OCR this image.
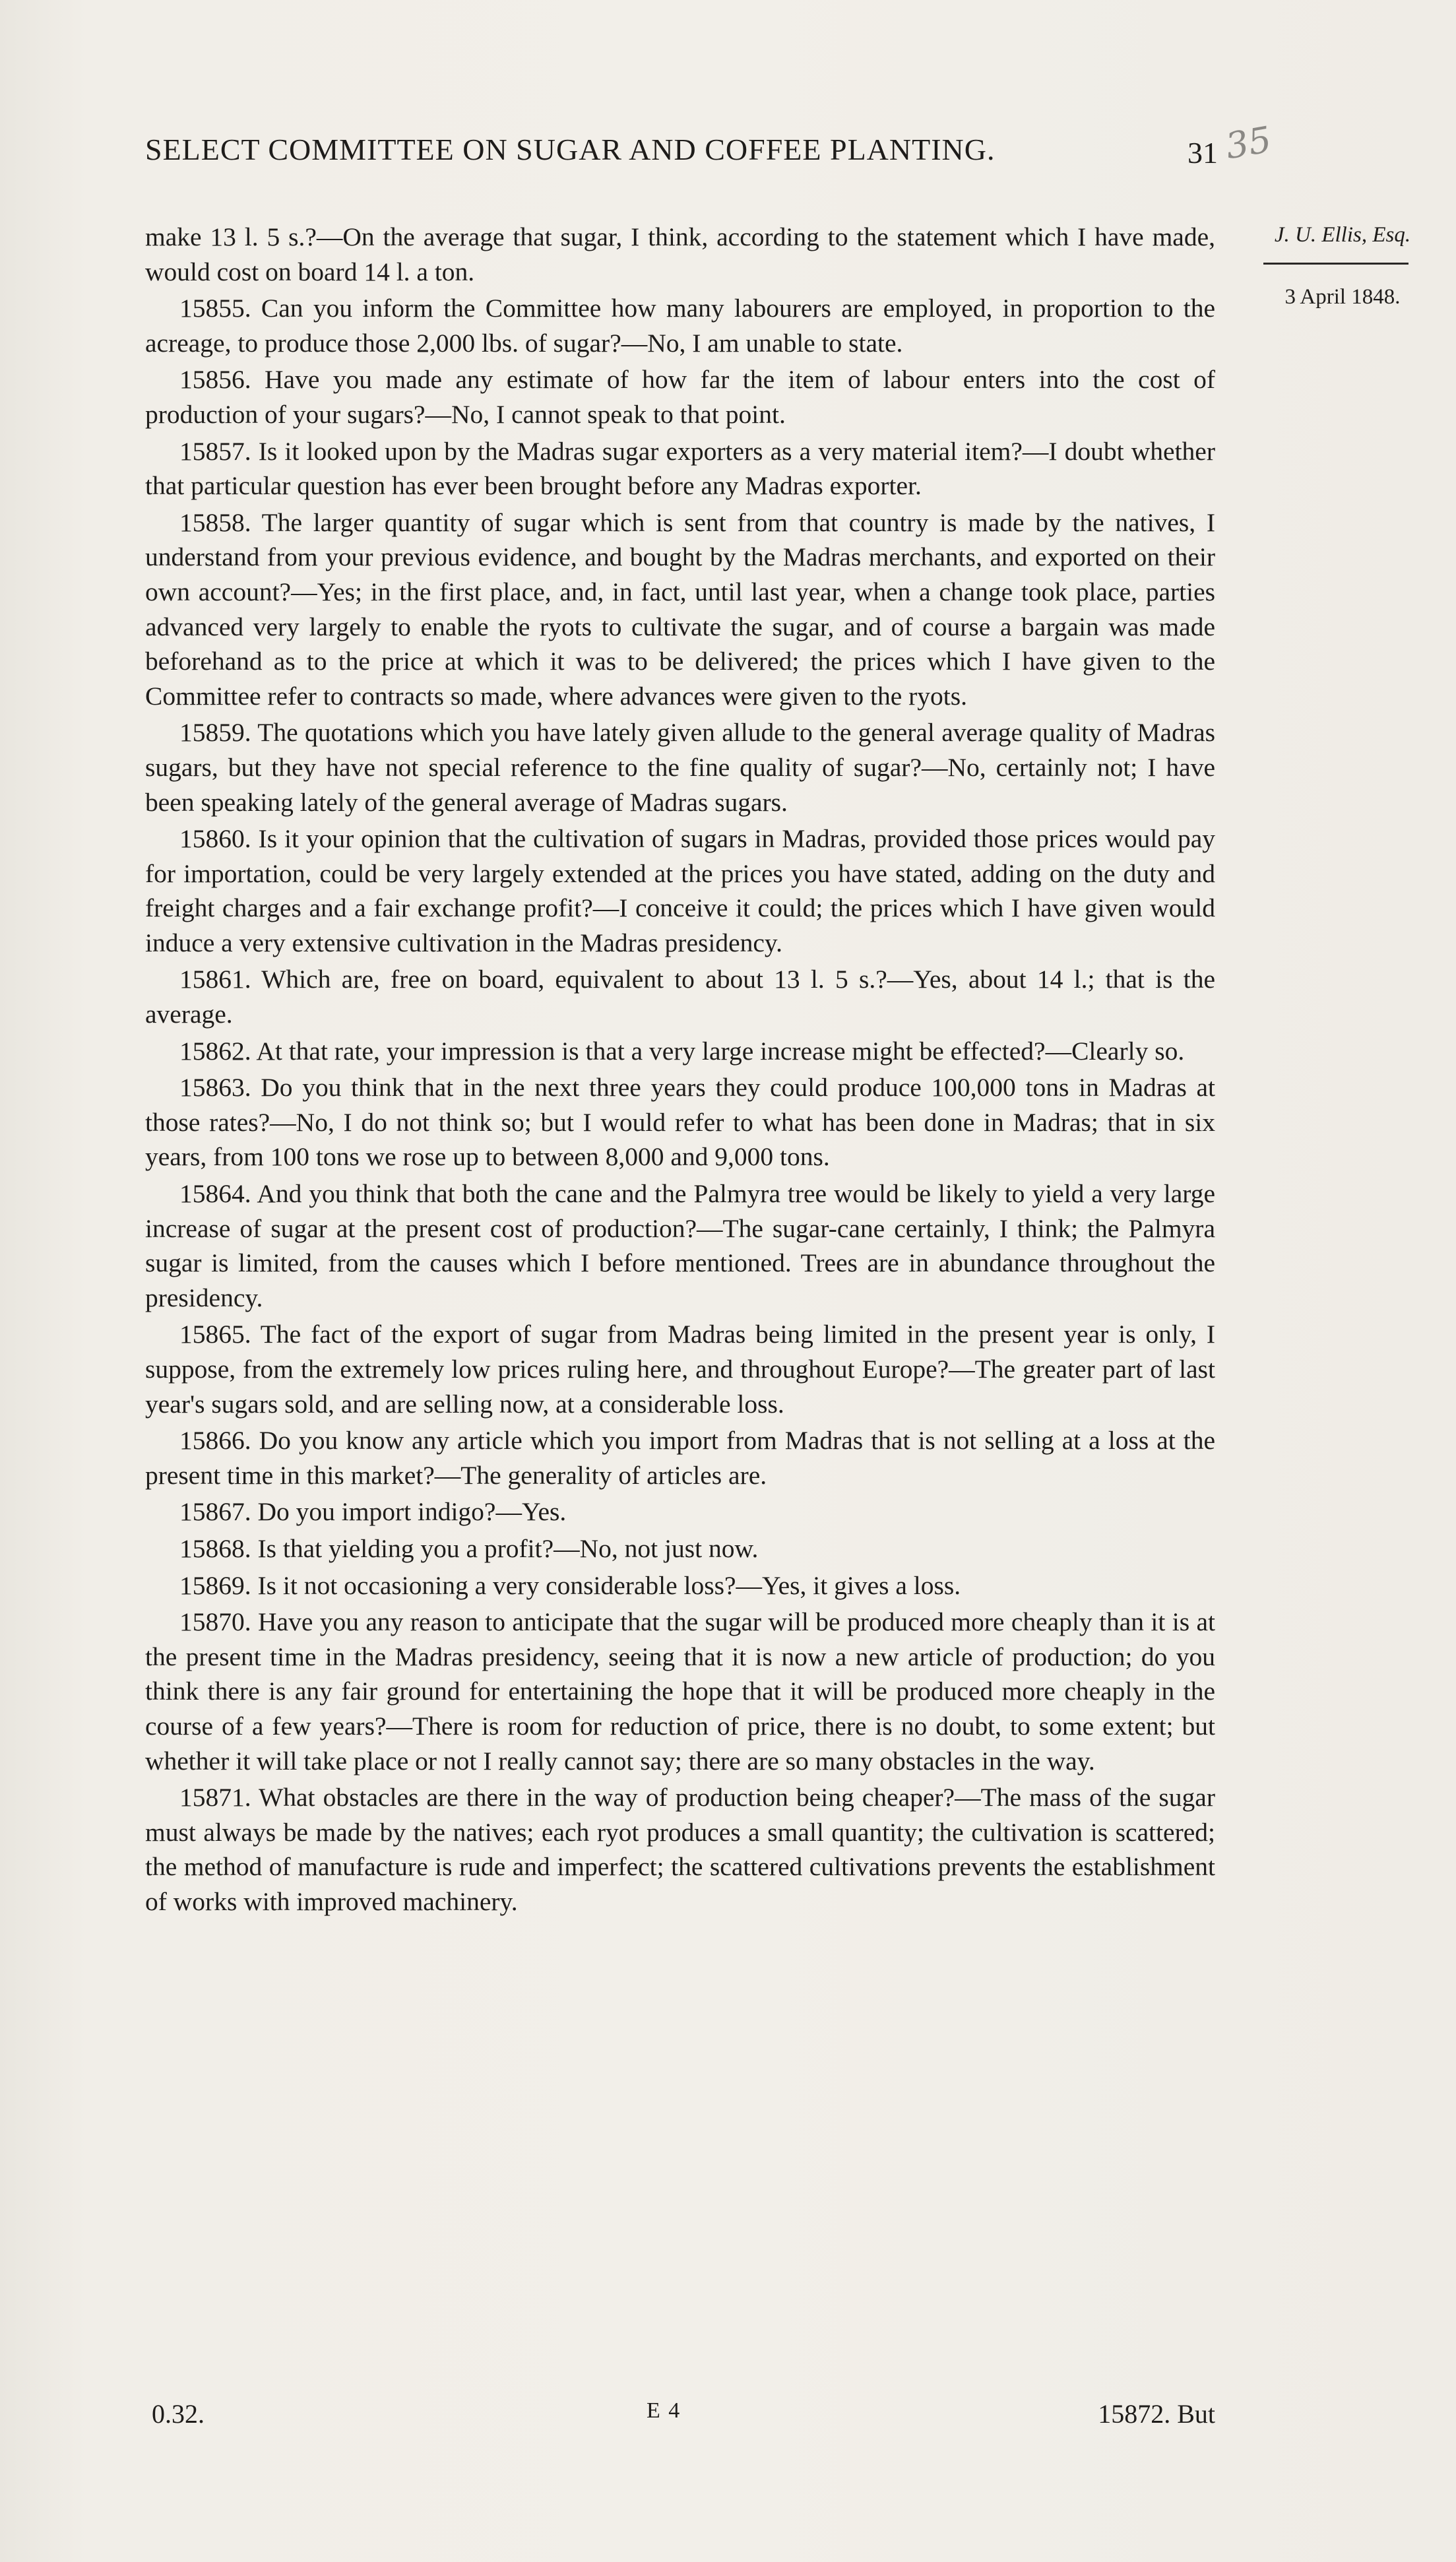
SELECT COMMITTEE ON SUGAR AND COFFEE PLANTING.	31 35
J. U. Ellis, Esq.
3 April 1848.

make 13 l. 5 s.?—On the average that sugar, I think, according to the statement which I have made, would cost on board 14 l. a ton.

15855. Can you inform the Committee how many labourers are employed, in proportion to the acreage, to produce those 2,000 lbs. of sugar?—No, I am unable to state.

15856. Have you made any estimate of how far the item of labour enters into the cost of production of your sugars?—No, I cannot speak to that point.

15857. Is it looked upon by the Madras sugar exporters as a very material item?—I doubt whether that particular question has ever been brought before any Madras exporter.

15858. The larger quantity of sugar which is sent from that country is made by the natives, I understand from your previous evidence, and bought by the Madras merchants, and exported on their own account?—Yes; in the first place, and, in fact, until last year, when a change took place, parties advanced very largely to enable the ryots to cultivate the sugar, and of course a bargain was made beforehand as to the price at which it was to be delivered; the prices which I have given to the Committee refer to contracts so made, where advances were given to the ryots.

15859. The quotations which you have lately given allude to the general average quality of Madras sugars, but they have not special reference to the fine quality of sugar?—No, certainly not; I have been speaking lately of the general average of Madras sugars.

15860. Is it your opinion that the cultivation of sugars in Madras, provided those prices would pay for importation, could be very largely extended at the prices you have stated, adding on the duty and freight charges and a fair exchange profit?—I conceive it could; the prices which I have given would induce a very extensive cultivation in the Madras presidency.

15861. Which are, free on board, equivalent to about 13 l. 5 s.?—Yes, about 14 l.; that is the average.

15862. At that rate, your impression is that a very large increase might be effected?—Clearly so.

15863. Do you think that in the next three years they could produce 100,000 tons in Madras at those rates?—No, I do not think so; but I would refer to what has been done in Madras; that in six years, from 100 tons we rose up to between 8,000 and 9,000 tons.

15864. And you think that both the cane and the Palmyra tree would be likely to yield a very large increase of sugar at the present cost of production?—The sugar-cane certainly, I think; the Palmyra sugar is limited, from the causes which I before mentioned. Trees are in abundance throughout the presidency.

15865. The fact of the export of sugar from Madras being limited in the present year is only, I suppose, from the extremely low prices ruling here, and throughout Europe?—The greater part of last year's sugars sold, and are selling now, at a considerable loss.

15866. Do you know any article which you import from Madras that is not selling at a loss at the present time in this market?—The generality of articles are.

15867. Do you import indigo?—Yes.

15868. Is that yielding you a profit?—No, not just now.

15869. Is it not occasioning a very considerable loss?—Yes, it gives a loss.

15870. Have you any reason to anticipate that the sugar will be produced more cheaply than it is at the present time in the Madras presidency, seeing that it is now a new article of production; do you think there is any fair ground for entertaining the hope that it will be produced more cheaply in the course of a few years?—There is room for reduction of price, there is no doubt, to some extent; but whether it will take place or not I really cannot say; there are so many obstacles in the way.

15871. What obstacles are there in the way of production being cheaper?—The mass of the sugar must always be made by the natives; each ryot produces a small quantity; the cultivation is scattered; the method of manufacture is rude and imperfect; the scattered cultivations prevents the establishment of works with improved machinery.

0.32.	E 4	15872. But
